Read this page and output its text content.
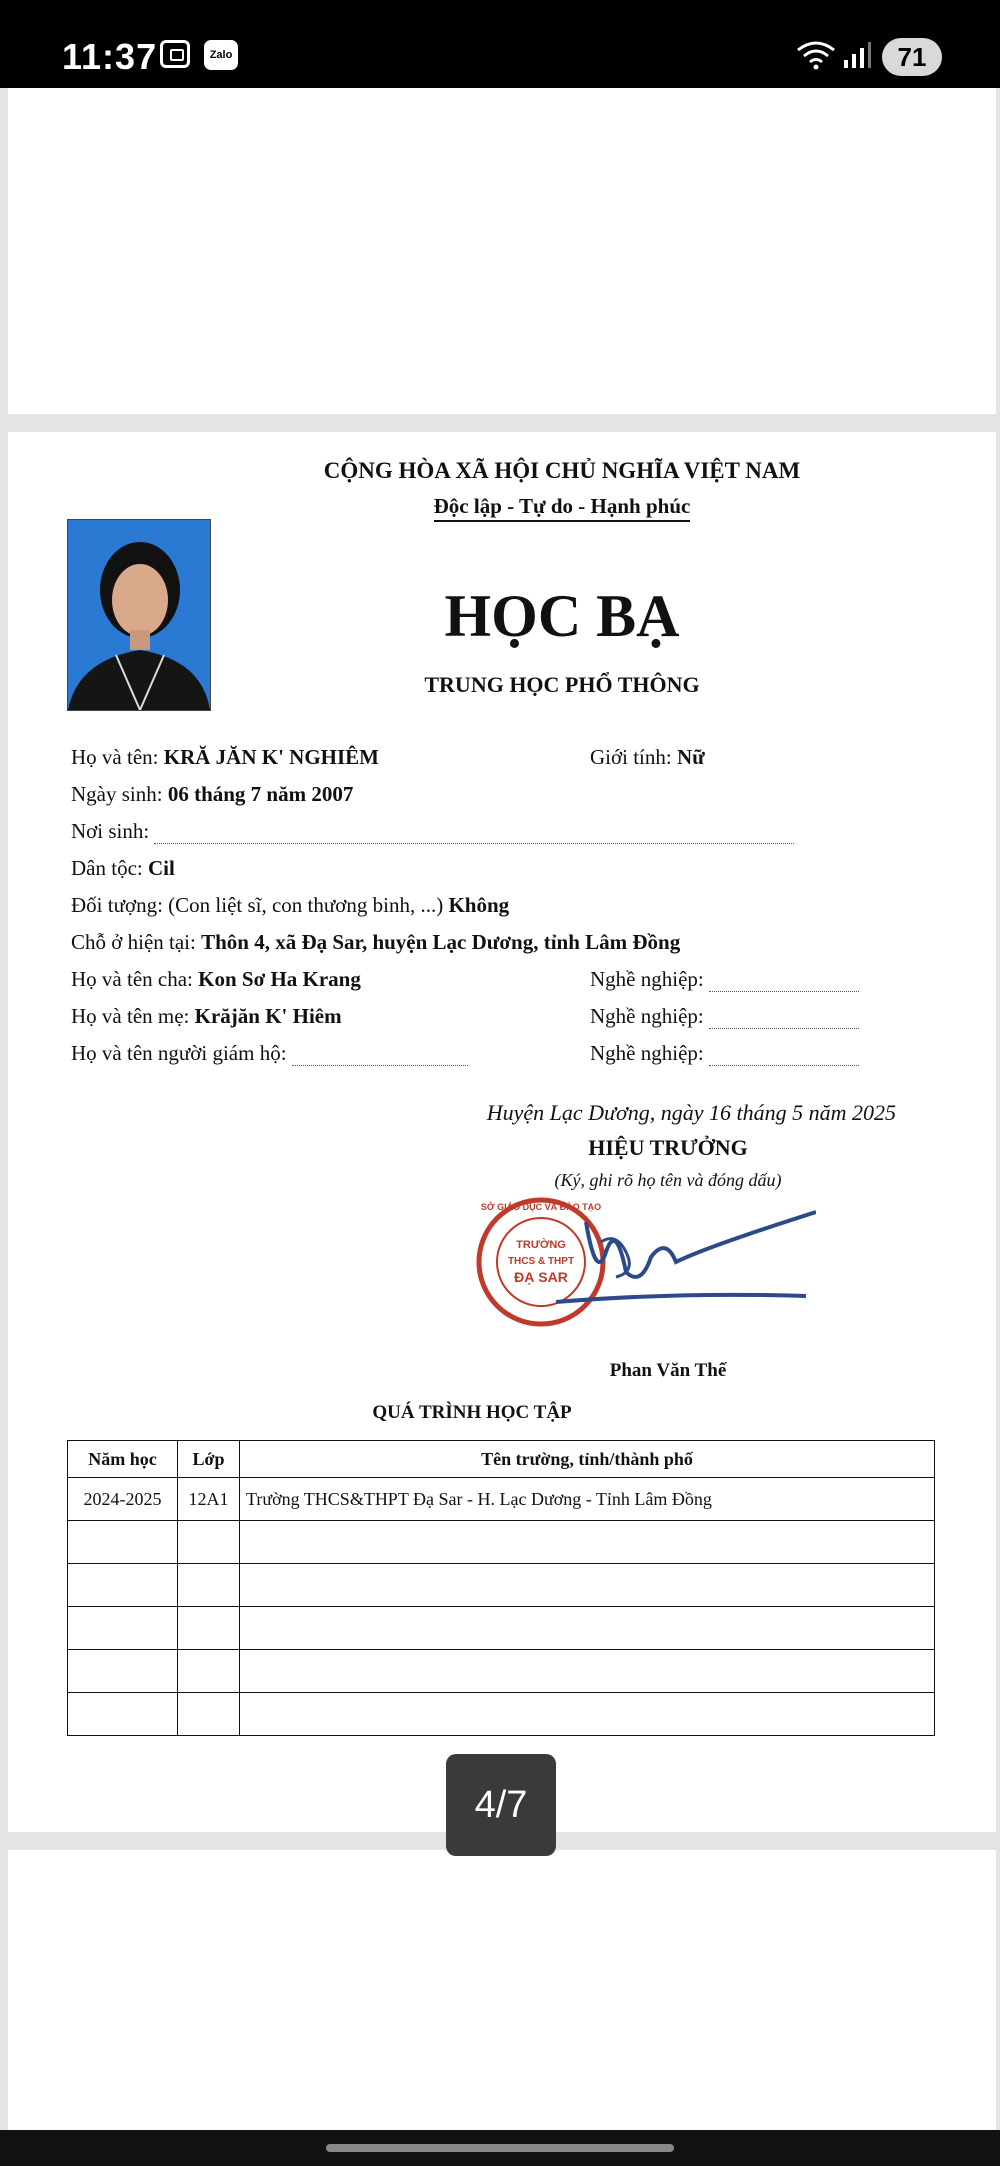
11:37	Zalo	71
CỘNG HÒA XÃ HỘI CHỦ NGHĨA VIỆT NAM
Độc lập - Tự do - Hạnh phúc
HỌC BẠ
TRUNG HỌC PHỔ THÔNG
Họ và tên: KRĂ JĂN K' NGHIÊM	Giới tính: Nữ
Ngày sinh: 06 tháng 7 năm 2007
Nơi sinh:
Dân tộc: Cil
Đối tượng: (Con liệt sĩ, con thương binh, ...) Không
Chỗ ở hiện tại: Thôn 4, xã Đạ Sar, huyện Lạc Dương, tỉnh Lâm Đồng
Họ và tên cha: Kon Sơ Ha Krang	Nghề nghiệp:
Họ và tên mẹ: Krăjăn K' Hiêm	Nghề nghiệp:
Họ và tên người giám hộ:	Nghề nghiệp:
Huyện Lạc Dương, ngày 16 tháng 5 năm 2025
HIỆU TRƯỞNG
(Ký, ghi rõ họ tên và đóng dấu)
SỞ GIÁO DỤC VÀ ĐÀO TẠO
TRƯỜNG
THCS & THPT
ĐẠ SAR
Phan Văn Thế
QUÁ TRÌNH HỌC TẬP
Năm học	Lớp	Tên trường, tỉnh/thành phố
2024-2025	12A1	Trường THCS&THPT Đạ Sar - H. Lạc Dương - Tỉnh Lâm Đồng

4/7
